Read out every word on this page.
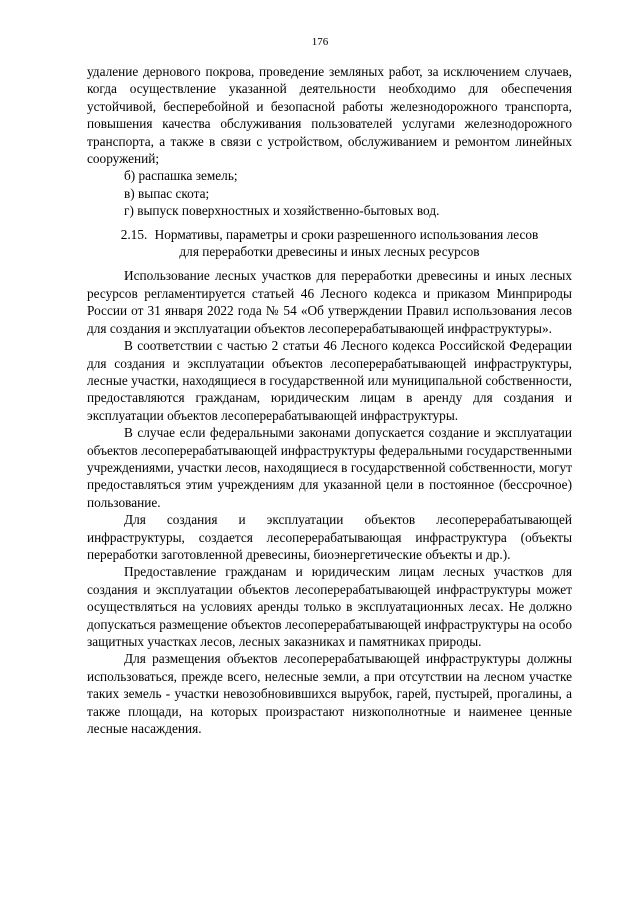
176

удаление дернового покрова, проведение земляных работ, за исключением случаев, когда осуществление указанной деятельности необходимо для обеспечения устойчивой, бесперебойной и безопасной работы железнодорожного транспорта, повышения качества обслуживания пользователей услугами железнодорожного транспорта, а также в связи с устройством, обслуживанием и ремонтом линейных сооружений;

б) распашка земель;

в) выпас скота;

г) выпуск поверхностных и хозяйственно-бытовых вод.

2.15. Нормативы, параметры и сроки разрешенного использования лесов для переработки древесины и иных лесных ресурсов

Использование лесных участков для переработки древесины и иных лесных ресурсов регламентируется статьей 46 Лесного кодекса и приказом Минприроды России от 31 января 2022 года № 54 «Об утверждении Правил использования лесов для создания и эксплуатации объектов лесоперерабатывающей инфраструктуры».

В соответствии с частью 2 статьи 46 Лесного кодекса Российской Федерации для создания и эксплуатации объектов лесоперерабатывающей инфраструктуры, лесные участки, находящиеся в государственной или муниципальной собственности, предоставляются гражданам, юридическим лицам в аренду для создания и эксплуатации объектов лесоперерабатывающей инфраструктуры.

В случае если федеральными законами допускается создание и эксплуатации объектов лесоперерабатывающей инфраструктуры федеральными государственными учреждениями, участки лесов, находящиеся в государственной собственности, могут предоставляться этим учреждениям для указанной цели в постоянное (бессрочное) пользование.

Для создания и эксплуатации объектов лесоперерабатывающей инфраструктуры, создается лесоперерабатывающая инфраструктура (объекты переработки заготовленной древесины, биоэнергетические объекты и др.).

Предоставление гражданам и юридическим лицам лесных участков для создания и эксплуатации объектов лесоперерабатывающей инфраструктуры может осуществляться на условиях аренды только в эксплуатационных лесах. Не должно допускаться размещение объектов лесоперерабатывающей инфраструктуры на особо защитных участках лесов, лесных заказниках и памятниках природы.

Для размещения объектов лесоперерабатывающей инфраструктуры должны использоваться, прежде всего, нелесные земли, а при отсутствии на лесном участке таких земель - участки невозобновившихся вырубок, гарей, пустырей, прогалины, а также площади, на которых произрастают низкополнотные и наименее ценные лесные насаждения.
